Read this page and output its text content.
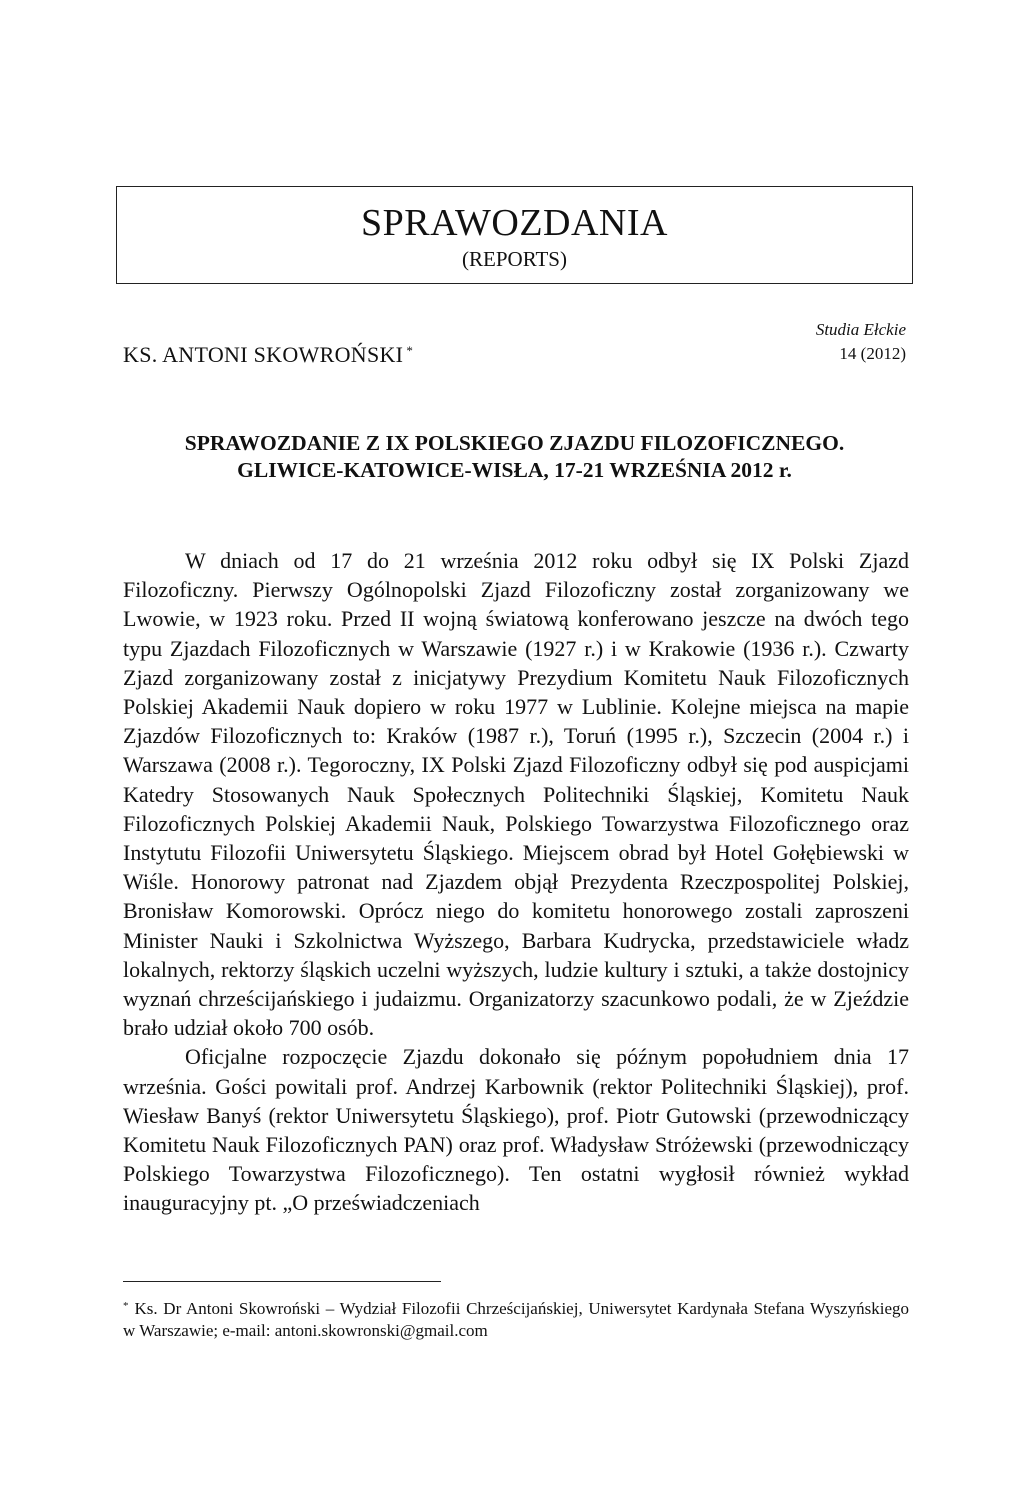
SPRAWOZDANIA
(REPORTS)
KS. ANTONI SKOWROŃSKI *
Studia Ełckie
14 (2012)
SPRAWOZDANIE Z IX POLSKIEGO ZJAZDU FILOZOFICZNEGO.
GLIWICE-KATOWICE-WISŁA, 17-21 WRZEŚNIA 2012 r.

W dniach od 17 do 21 września 2012 roku odbył się IX Polski Zjazd Filozoficzny. Pierwszy Ogólnopolski Zjazd Filozoficzny został zorganizowany we Lwowie, w 1923 roku. Przed II wojną światową konferowano jeszcze na dwóch tego typu Zjazdach Filozoficznych w Warszawie (1927 r.) i w Krakowie (1936 r.). Czwarty Zjazd zorganizowany został z inicjatywy Prezydium Komitetu Nauk Filozoficznych Polskiej Akademii Nauk dopiero w roku 1977 w Lublinie. Kolejne miejsca na mapie Zjazdów Filozoficznych to: Kraków (1987 r.), Toruń (1995 r.), Szczecin (2004 r.) i Warszawa (2008 r.). Tegoroczny, IX Polski Zjazd Filozoficzny odbył się pod auspicjami Katedry Stosowanych Nauk Społecznych Politechniki Śląskiej, Komitetu Nauk Filozoficznych Polskiej Akademii Nauk, Polskiego Towarzystwa Filozoficznego oraz Instytutu Filozofii Uniwersytetu Śląskiego. Miejscem obrad był Hotel Gołębiewski w Wiśle. Honorowy patronat nad Zjazdem objął Prezydenta Rzeczpospolitej Polskiej, Bronisław Komorowski. Oprócz niego do komitetu honorowego zostali zaproszeni Minister Nauki i Szkolnictwa Wyższego, Barbara Kudrycka, przedstawiciele władz lokalnych, rektorzy śląskich uczelni wyższych, ludzie kultury i sztuki, a także dostojnicy wyznań chrześcijańskiego i judaizmu. Organizatorzy szacunkowo podali, że w Zjeździe brało udział około 700 osób.

Oficjalne rozpoczęcie Zjazdu dokonało się późnym popołudniem dnia 17 września. Gości powitali prof. Andrzej Karbownik (rektor Politechniki Śląskiej), prof. Wiesław Banyś (rektor Uniwersytetu Śląskiego), prof. Piotr Gutowski (przewodniczący Komitetu Nauk Filozoficznych PAN) oraz prof. Władysław Stróżewski (przewodniczący Polskiego Towarzystwa Filozoficznego). Ten ostatni wygłosił również wykład inauguracyjny pt. „O przeświadczeniach

* Ks. Dr Antoni Skowroński – Wydział Filozofii Chrześcijańskiej, Uniwersytet Kardynała Stefana Wyszyńskiego w Warszawie; e-mail: antoni.skowronski@gmail.com
